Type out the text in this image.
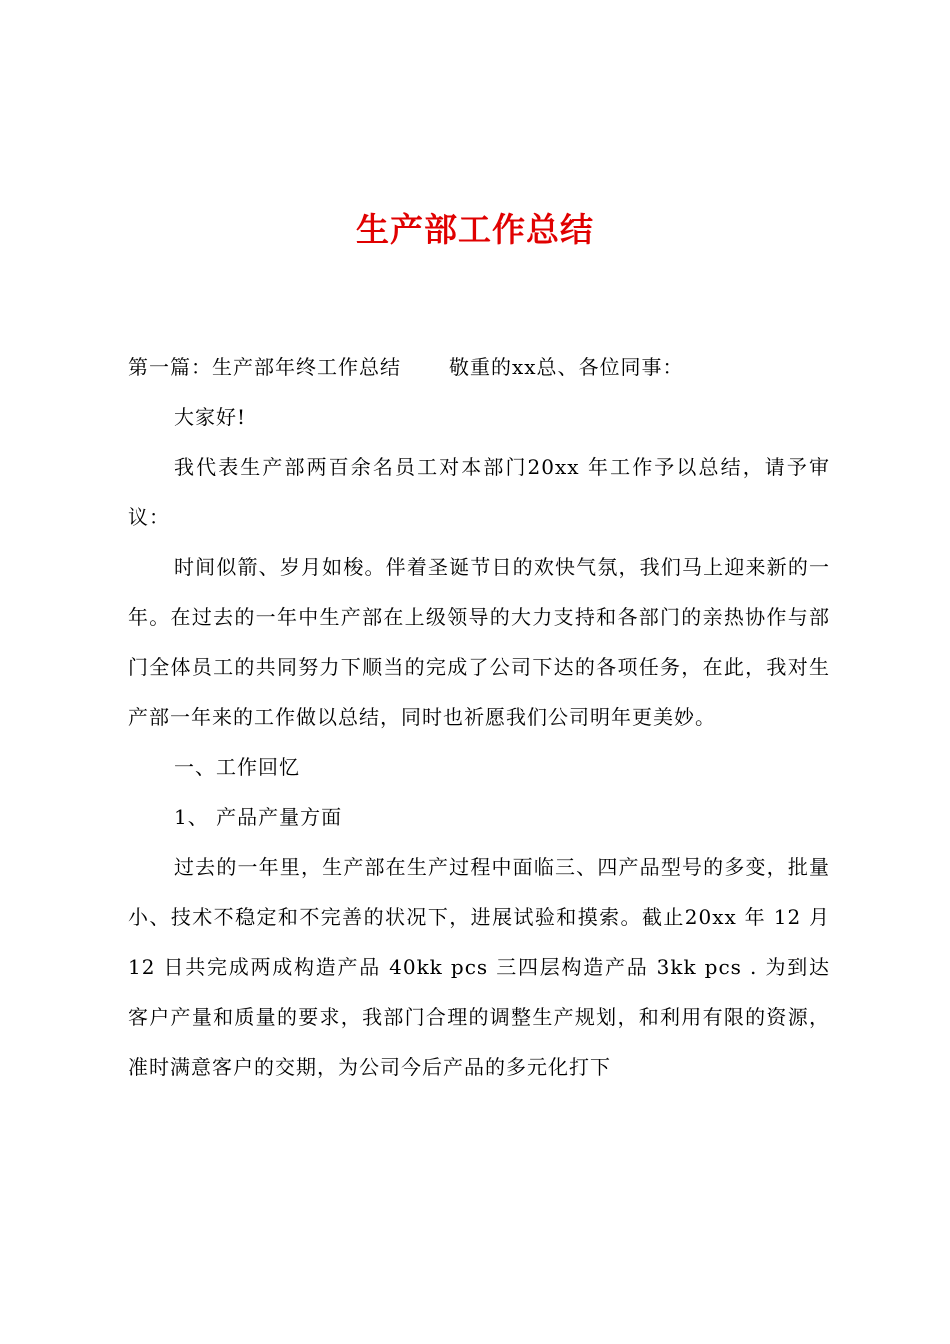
生产部工作总结

第一篇：生产部年终工作总结 敬重的xx总、各位同事：

大家好!

我代表生产部两百余名员工对本部门20xx 年工作予以总结，请予审议：

时间似箭、岁月如梭。伴着圣诞节日的欢快气氛，我们马上迎来新的一年。在过去的一年中生产部在上级领导的大力支持和各部门的亲热协作与部门全体员工的共同努力下顺当的完成了公司下达的各项任务，在此，我对生产部一年来的工作做以总结，同时也祈愿我们公司明年更美妙。

一、工作回忆

1、 产品产量方面

过去的一年里，生产部在生产过程中面临三、四产品型号的多变，批量小、技术不稳定和不完善的状况下，进展试验和摸索。截止20xx 年 12 月 12 日共完成两成构造产品 40kk pcs 三四层构造产品 3kk pcs . 为到达客户产量和质量的要求，我部门合理的调整生产规划，和利用有限的资源，准时满意客户的交期，为公司今后产品的多元化打下
